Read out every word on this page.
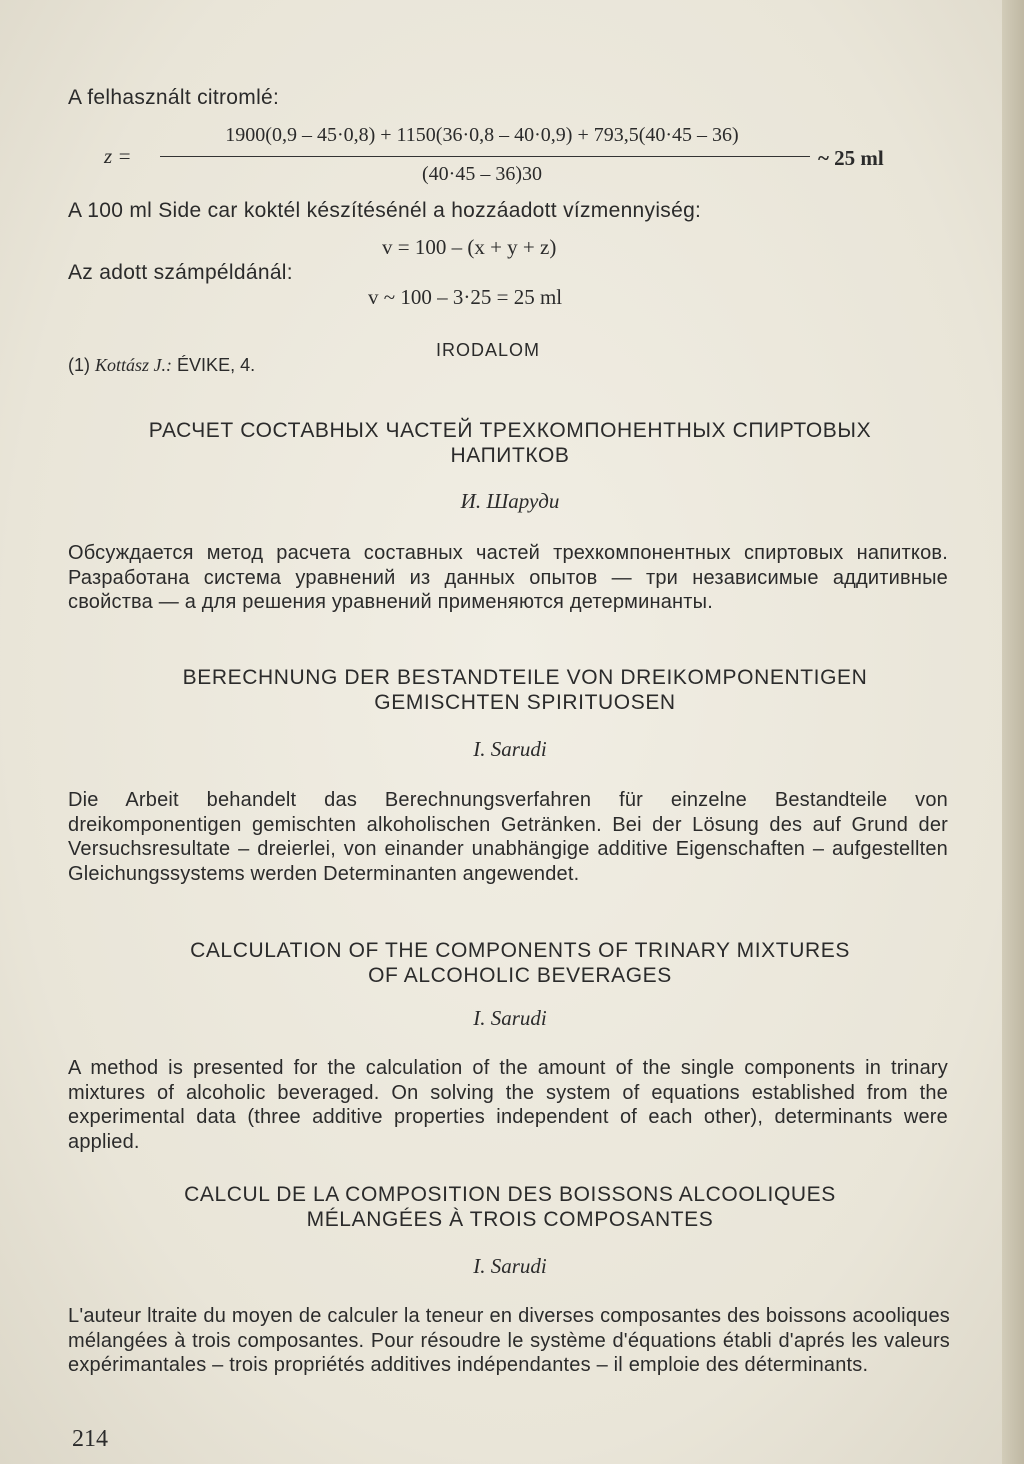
A felhasznált citromlé:
z =
1900(0,9 – 45·0,8) + 1150(36·0,8 – 40·0,9) + 793,5(40·45 – 36)
(40·45 – 36)30
~ 25 ml
A 100 ml Side car koktél készítésénél a hozzáadott vízmennyiség:
v = 100 – (x + y + z)
Az adott számpéldánál:
v ~ 100 – 3·25 = 25 ml
IRODALOM
(1) Kottász J.: ÉVIKE, 4.
РАСЧЕТ СОСТАВНЫХ ЧАСТЕЙ ТРЕХКОМПОНЕНТНЫХ СПИРТОВЫХ
НАПИТКОВ
И. Шаруди
Обсуждается метод расчета составных частей трехкомпонентных спиртовых напитков. Разработана система уравнений из данных опытов — три независимые аддитивные свойства — а для решения уравнений применяются детерминанты.
BERECHNUNG DER BESTANDTEILE VON DREIKOMPONENTIGEN
GEMISCHTEN SPIRITUOSEN
I. Sarudi
Die Arbeit behandelt das Berechnungsverfahren für einzelne Bestandteile von dreikomponentigen gemischten alkoholischen Getränken. Bei der Lösung des auf Grund der Versuchsresultate – dreierlei, von einander unabhängige additive Eigenschaften – aufgestellten Gleichungssystems werden Determinanten angewendet.
CALCULATION OF THE COMPONENTS OF TRINARY MIXTURES
OF ALCOHOLIC BEVERAGES
I. Sarudi
A method is presented for the calculation of the amount of the single components in trinary mixtures of alcoholic beveraged. On solving the system of equations established from the experimental data (three additive properties independent of each other), determinants were applied.
CALCUL DE LA COMPOSITION DES BOISSONS ALCOOLIQUES
MÉLANGÉES À TROIS COMPOSANTES
I. Sarudi
L'auteur ltraite du moyen de calculer la teneur en diverses composantes des boissons acooliques mélangées à trois composantes. Pour résoudre le système d'équations établi d'aprés les valeurs expérimantales – trois propriétés additives indépendantes – il emploie des déterminants.
214
